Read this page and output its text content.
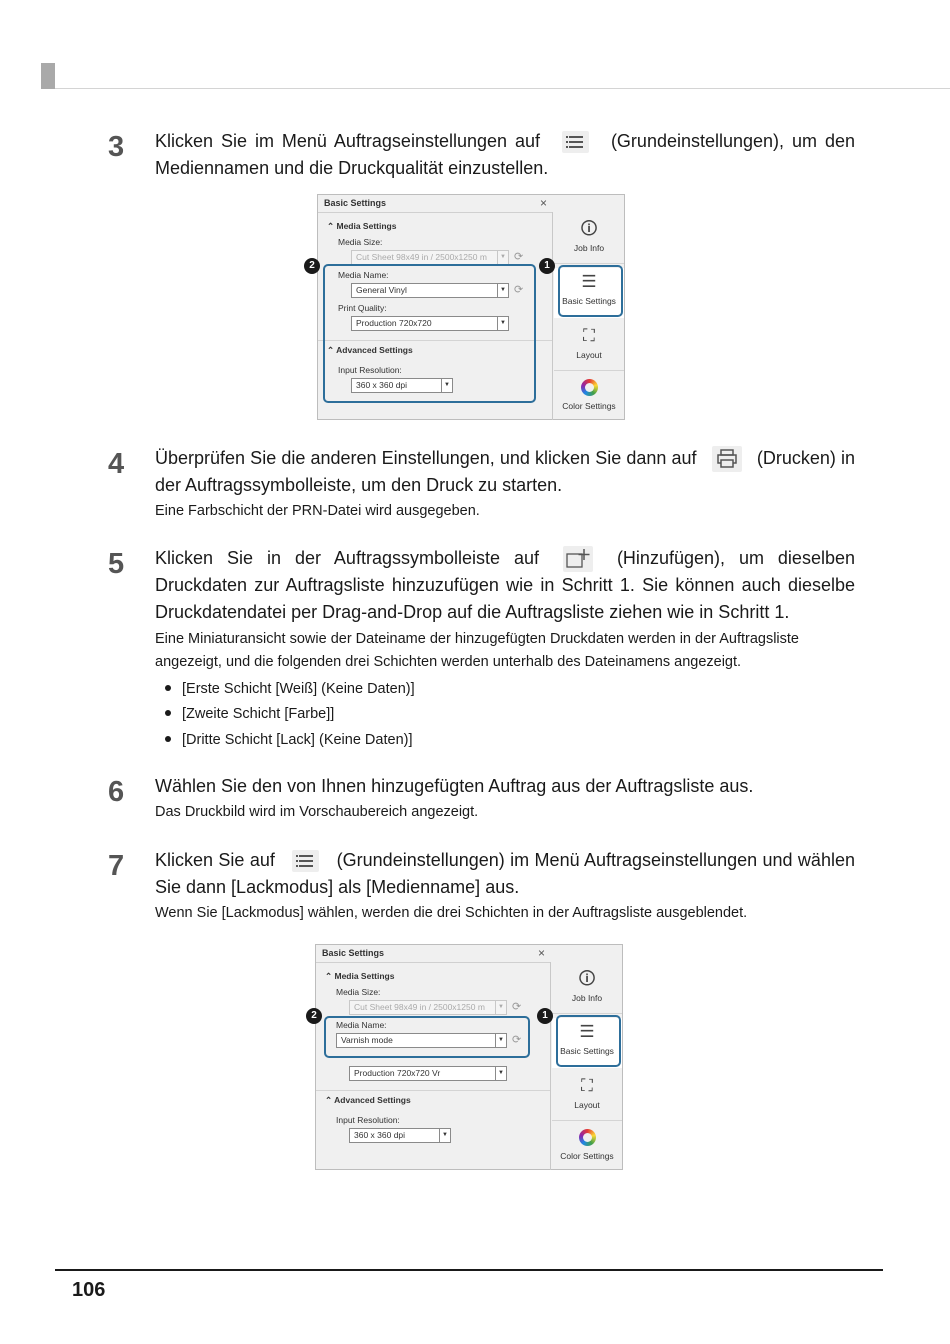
3 Klicken Sie im Menü Auftragseinstellungen auf	(Grundeinstellungen), um den Mediennamen und die Druckqualität einzustellen.
Basic Settings	×
⌃ Media Settings
Media Size:
Cut Sheet 98x49 in / 2500x1250 m	▼ ⟳
Media Name:
General Vinyl	▼ ⟳
Print Quality:
Production 720x720	▼
⌃ Advanced Settings
Input Resolution:
360 x 360 dpi	▼
2
🛈
Job Info
☰
Basic Settings
1
⛶
Layout
Color Settings
4 Überprüfen Sie die anderen Einstellungen, und klicken Sie dann auf	(Drucken) in der Auftragssymbolleiste, um den Druck zu starten.
Eine Farbschicht der PRN-Datei wird ausgegeben.
5 Klicken Sie in der Auftragssymbolleiste auf	(Hinzufügen), um dieselben Druckdaten zur Auftragsliste hinzuzufügen wie in Schritt 1. Sie können auch dieselbe Druckdatendatei per Drag-and-Drop auf die Auftragsliste ziehen wie in Schritt 1.
Eine Miniaturansicht sowie der Dateiname der hinzugefügten Druckdaten werden in der Auftragsliste angezeigt, und die folgenden drei Schichten werden unterhalb des Dateinamens angezeigt.
[Erste Schicht [Weiß] (Keine Daten)]
[Zweite Schicht [Farbe]]
[Dritte Schicht [Lack] (Keine Daten)]
6 Wählen Sie den von Ihnen hinzugefügten Auftrag aus der Auftragsliste aus.
Das Druckbild wird im Vorschaubereich angezeigt.
7 Klicken Sie auf	(Grundeinstellungen) im Menü Auftragseinstellungen und wählen Sie dann [Lackmodus] als [Medienname] aus.
Wenn Sie [Lackmodus] wählen, werden die drei Schichten in der Auftragsliste ausgeblendet.
Basic Settings	×
⌃ Media Settings
Media Size:
Cut Sheet 98x49 in / 2500x1250 m	▼ ⟳
Media Name:
Varnish mode	▼ ⟳
Production 720x720 Vr	▼
⌃ Advanced Settings
Input Resolution:
360 x 360 dpi	▼
2
🛈
Job Info
☰
Basic Settings
1
⛶
Layout
Color Settings
106
